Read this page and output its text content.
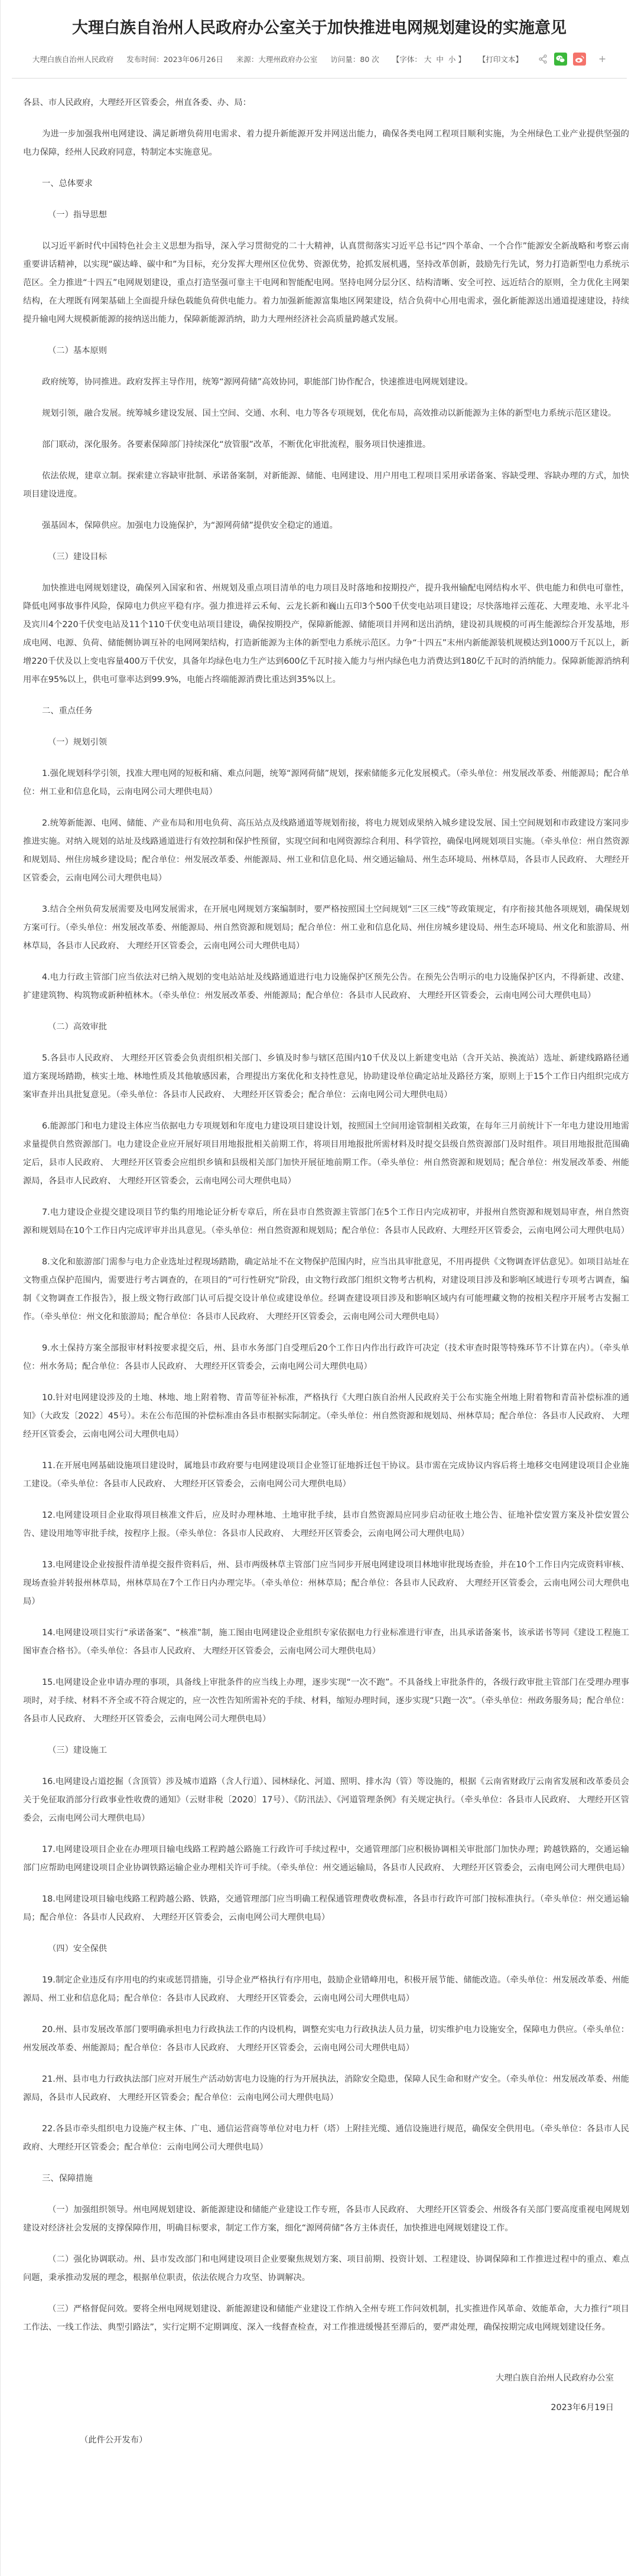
大理白族自治州人民政府办公室关于加快推进电网规划建设的实施意见
大理白族自治州人民政府 发布时间：2023年06月26日 来源：大理州政府办公室 访问量：80 次 【字体： 大 中 小 】 【打印文本】	+

各县、市人民政府，大理经开区管委会，州直各委、办、局：

为进一步加强我州电网建设、满足新增负荷用电需求、着力提升新能源开发并网送出能力，确保各类电网工程项目顺利实施，为全州绿色工业产业提供坚强的电力保障，经州人民政府同意，特制定本实施意见。

一、总体要求

（一）指导思想

以习近平新时代中国特色社会主义思想为指导，深入学习贯彻党的二十大精神，认真贯彻落实习近平总书记“四个革命、一个合作”能源安全新战略和考察云南重要讲话精神，以实现“碳达峰、碳中和”为目标，充分发挥大理州区位优势、资源优势，抢抓发展机遇，坚持改革创新，鼓励先行先试，努力打造新型电力系统示范区。全力推进“十四五”电网规划建设，重点打造坚强可靠主干电网和智能配电网。坚持电网分层分区、结构清晰、安全可控、远近结合的原则，全力优化主网架结构，在大理既有网架基础上全面提升绿色载能负荷供电能力。着力加强新能源富集地区网架建设，结合负荷中心用电需求，强化新能源送出通道提速建设，持续提升输电网大规模新能源的接纳送出能力，保障新能源消纳，助力大理州经济社会高质量跨越式发展。

（二）基本原则

政府统筹，协同推进。政府发挥主导作用，统筹“源网荷储”高效协同，职能部门协作配合，快速推进电网规划建设。

规划引领，融合发展。统筹城乡建设发展、国土空间、交通、水利、电力等各专项规划，优化布局，高效推动以新能源为主体的新型电力系统示范区建设。

部门联动，深化服务。各要素保障部门持续深化“放管服”改革，不断优化审批流程，服务项目快速推进。

依法依规，建章立制。探索建立容缺审批制、承诺备案制，对新能源、储能、电网建设、用户用电工程项目采用承诺备案、容缺受理、容缺办理的方式，加快项目建设进度。

强基固本，保障供应。加强电力设施保护，为“源网荷储”提供安全稳定的通道。

（三）建设目标

加快推进电网规划建设，确保列入国家和省、州规划及重点项目清单的电力项目及时落地和按期投产，提升我州输配电网结构水平、供电能力和供电可靠性，降低电网事故事件风险，保障电力供应平稳有序。强力推进祥云禾甸、云龙长新和巍山五印3个500千伏变电站项目建设；尽快落地祥云莲花、大理麦地、永平北斗及宾川4个220千伏变电站及11个110千伏变电站项目建设，确保按期投产，保障新能源、储能项目并网和送出消纳，建设初具规模的可再生能源综合开发基地，形成电网、电源、负荷、储能侧协调互补的电网网架结构，打造新能源为主体的新型电力系统示范区。力争“十四五”末州内新能源装机规模达到1000万千瓦以上，新增220千伏及以上变电容量400万千伏安，具备年均绿色电力生产达到600亿千瓦时接入能力与州内绿色电力消费达到180亿千瓦时的消纳能力。保障新能源消纳利用率在95%以上，供电可靠率达到99.9%，电能占终端能源消费比重达到35%以上。

二、重点任务

（一）规划引领

1.强化规划科学引领，找准大理电网的短板和痛、难点问题，统筹“源网荷储”规划，探索储能多元化发展模式。（牵头单位：州发展改革委、州能源局；配合单位：州工业和信息化局，云南电网公司大理供电局）

2.统筹新能源、电网、储能、产业布局和用电负荷、高压站点及线路通道等规划衔接，将电力规划成果纳入城乡建设发展、国土空间规划和市政建设方案同步推进实施。对纳入规划的站址及线路通道进行有效控制和保护性预留，实现空间和电网资源综合利用、科学管控，确保电网规划项目实施。（牵头单位：州自然资源和规划局、州住房城乡建设局；配合单位：州发展改革委、州能源局、州工业和信息化局、州交通运输局、州生态环境局、州林草局，各县市人民政府、 大理经开区管委会，云南电网公司大理供电局）

3.结合全州负荷发展需要及电网发展需求，在开展电网规划方案编制时，要严格按照国土空间规划“三区三线”等政策规定，有序衔接其他各项规划，确保规划方案可行。（牵头单位：州发展改革委、州能源局、州自然资源和规划局；配合单位：州工业和信息化局、州住房城乡建设局、州生态环境局、州文化和旅游局、州林草局，各县市人民政府、 大理经开区管委会，云南电网公司大理供电局）

4.电力行政主管部门应当依法对已纳入规划的变电站站址及线路通道进行电力设施保护区预先公告。在预先公告明示的电力设施保护区内，不得新建、改建、扩建建筑物、构筑物或新种植林木。（牵头单位：州发展改革委、州能源局；配合单位：各县市人民政府、 大理经开区管委会，云南电网公司大理供电局）

（二）高效审批

5.各县市人民政府、 大理经开区管委会负责组织相关部门、乡镇及时参与辖区范围内10千伏及以上新建变电站（含开关站、换流站）选址、新建线路路径通道方案现场踏勘，核实土地、林地性质及其他敏感因素，合理提出方案优化和支持性意见，协助建设单位确定站址及路径方案，原则上于15个工作日内组织完成方案审查并出具批复意见。（牵头单位：各县市人民政府、 大理经开区管委会；配合单位：云南电网公司大理供电局）

6.能源部门和电力建设主体应当依据电力专项规划和年度电力建设项目建设计划，按照国土空间用途管制相关政策，在每年三月前统计下一年电力建设用地需求量提供自然资源部门。电力建设企业应开展好项目用地报批相关前期工作，将项目用地报批所需材料及时提交县级自然资源部门及时组件。项目用地报批范围确定后，县市人民政府、 大理经开区管委会应组织乡镇和县级相关部门加快开展征地前期工作。（牵头单位：州自然资源和规划局；配合单位：州发展改革委、州能源局，各县市人民政府、 大理经开区管委会，云南电网公司大理供电局）

7.电力建设企业提交建设项目节约集约用地论证分析专章后，所在县市自然资源主管部门在5个工作日内完成初审，并报州自然资源和规划局审查，州自然资源和规划局在10个工作日内完成评审并出具意见。（牵头单位：州自然资源和规划局；配合单位：各县市人民政府、大理经开区管委会，云南电网公司大理供电局）

8.文化和旅游部门需参与电力企业选址过程现场踏勘，确定站址不在文物保护范围内时，应当出具审批意见，不用再提供《文物调查评估意见》。如项目站址在文物重点保护范围内，需要进行考古调查的，在项目的“可行性研究”阶段，由文物行政部门组织文物考古机构，对建设项目涉及和影响区域进行专项考古调查，编制《文物调查工作报告》，报上级文物行政部门认可后提交设计单位或建设单位。经调查建设项目涉及和影响区域内有可能埋藏文物的按相关程序开展考古发掘工作。（牵头单位：州文化和旅游局；配合单位：各县市人民政府、 大理经开区管委会，云南电网公司大理供电局）

9.水土保持方案全部报审材料按要求提交后，州、县市水务部门自受理后20个工作日内作出行政许可决定（技术审查时限等特殊环节不计算在内）。（牵头单位：州水务局；配合单位：各县市人民政府、 大理经开区管委会，云南电网公司大理供电局）

10.针对电网建设涉及的土地、林地、地上附着物、青苗等征补标准，严格执行《大理白族自治州人民政府关于公布实施全州地上附着物和青苗补偿标准的通知》（大政发〔2022〕45号）。未在公布范围的补偿标准由各县市根据实际制定。（牵头单位：州自然资源和规划局、州林草局；配合单位：各县市人民政府、 大理经开区管委会，云南电网公司大理供电局）

11.在开展电网基础设施项目建设时，属地县市政府要与电网建设项目企业签订征地拆迁包干协议。县市需在完成协议内容后将土地移交电网建设项目企业施工建设。（牵头单位：各县市人民政府、 大理经开区管委会，云南电网公司大理供电局）

12.电网建设项目企业取得项目核准文件后，应及时办理林地、土地审批手续，县市自然资源局应同步启动征收土地公告、征地补偿安置方案及补偿安置公告、建设用地等审批手续，按程序上报。（牵头单位：各县市人民政府、 大理经开区管委会，云南电网公司大理供电局）

13.电网建设企业按报件清单提交报件资料后，州、县市两级林草主管部门应当同步开展电网建设项目林地审批现场查验，并在10个工作日内完成资料审核、现场查验并转报州林草局，州林草局在7个工作日内办理完毕。（牵头单位：州林草局；配合单位：各县市人民政府、 大理经开区管委会，云南电网公司大理供电局）

14.电网建设项目实行“承诺备案”、“核准”制，施工图由电网建设企业组织专家依据电力行业标准进行审查，出具承诺备案书，该承诺书等同《建设工程施工图审查合格书》。（牵头单位：各县市人民政府、 大理经开区管委会，云南电网公司大理供电局）

15.电网建设企业申请办理的事项，具备线上审批条件的应当线上办理，逐步实现“一次不跑”。不具备线上审批条件的，各级行政审批主管部门在受理办理事项时，对手续、材料不齐全或不符合规定的，应一次性告知所需补充的手续、材料，缩短办理时间，逐步实现“只跑一次”。（牵头单位：州政务服务局；配合单位：各县市人民政府、 大理经开区管委会，云南电网公司大理供电局）

（三）建设施工

16.电网建设占道挖掘（含顶管）涉及城市道路（含人行道）、园林绿化、河道、照明、排水沟（管）等设施的，根据《云南省财政厅云南省发展和改革委员会关于免征取消部分行政事业性收费的通知》（云财非税〔2020〕17号）、《防汛法》、《河道管理条例》有关规定执行。（牵头单位：各县市人民政府、 大理经开区管委会，云南电网公司大理供电局）

17.电网建设项目企业在办理项目输电线路工程跨越公路施工行政许可手续过程中，交通管理部门应积极协调相关审批部门加快办理；跨越铁路的，交通运输部门应帮助电网建设项目企业协调铁路运输企业办理相关许可手续。（牵头单位：州交通运输局，各县市人民政府、 大理经开区管委会，云南电网公司大理供电局）

18.电网建设项目输电线路工程跨越公路、铁路，交通管理部门应当明确工程保通管理费收费标准，各县市行政许可部门按标准执行。（牵头单位：州交通运输局；配合单位：各县市人民政府、 大理经开区管委会，云南电网公司大理供电局）

（四）安全保供

19.制定企业违反有序用电的约束或惩罚措施，引导企业严格执行有序用电，鼓励企业错峰用电，积极开展节能、储能改造。（牵头单位：州发展改革委、州能源局、州工业和信息化局；配合单位：各县市人民政府、 大理经开区管委会，云南电网公司大理供电局）

20.州、县市发展改革部门要明确承担电力行政执法工作的内设机构，调整充实电力行政执法人员力量，切实维护电力设施安全，保障电力供应。（牵头单位：州发展改革委、州能源局；配合单位：各县市人民政府、 大理经开区管委会，云南电网公司大理供电局）

21.州、县市电力行政执法部门应对开展生产活动妨害电力设施的行为开展执法，消除安全隐患，保障人民生命和财产安全。（牵头单位：州发展改革委、州能源局，各县市人民政府、 大理经开区管委会；配合单位：云南电网公司大理供电局）

22.各县市牵头组织电力设施产权主体、广电、通信运营商等单位对电力杆（塔）上附挂光缆、通信设施进行规范，确保安全供用电。（牵头单位：各县市人民政府、大理经开区管委会；配合单位：云南电网公司大理供电局）

三、保障措施

（一）加强组织领导。州电网规划建设、新能源建设和储能产业建设工作专班，各县市人民政府、 大理经开区管委会、州级各有关部门要高度重视电网规划建设对经济社会发展的支撑保障作用，明确目标要求，制定工作方案，细化“源网荷储”各方主体责任，加快推进电网规划建设工作。

（二）强化协调联动。州、县市发改部门和电网建设项目企业要聚焦规划方案、项目前期、投资计划、工程建设、协调保障和工作推进过程中的重点、难点问题，秉承推动发展的理念，根据单位职责，依法依规合力攻坚、协调解决。

（三）严格督促问效。要将全州电网规划建设、新能源建设和储能产业建设工作纳入全州专班工作问效机制，扎实推进作风革命、效能革命，大力推行“项目工作法、一线工作法、典型引路法”，实行定期不定期调度、深入一线督查检查，对工作推进缓慢甚至滞后的，要严肃处理，确保按期完成电网规划建设任务。

大理白族自治州人民政府办公室
2023年6月19日
（此件公开发布）
